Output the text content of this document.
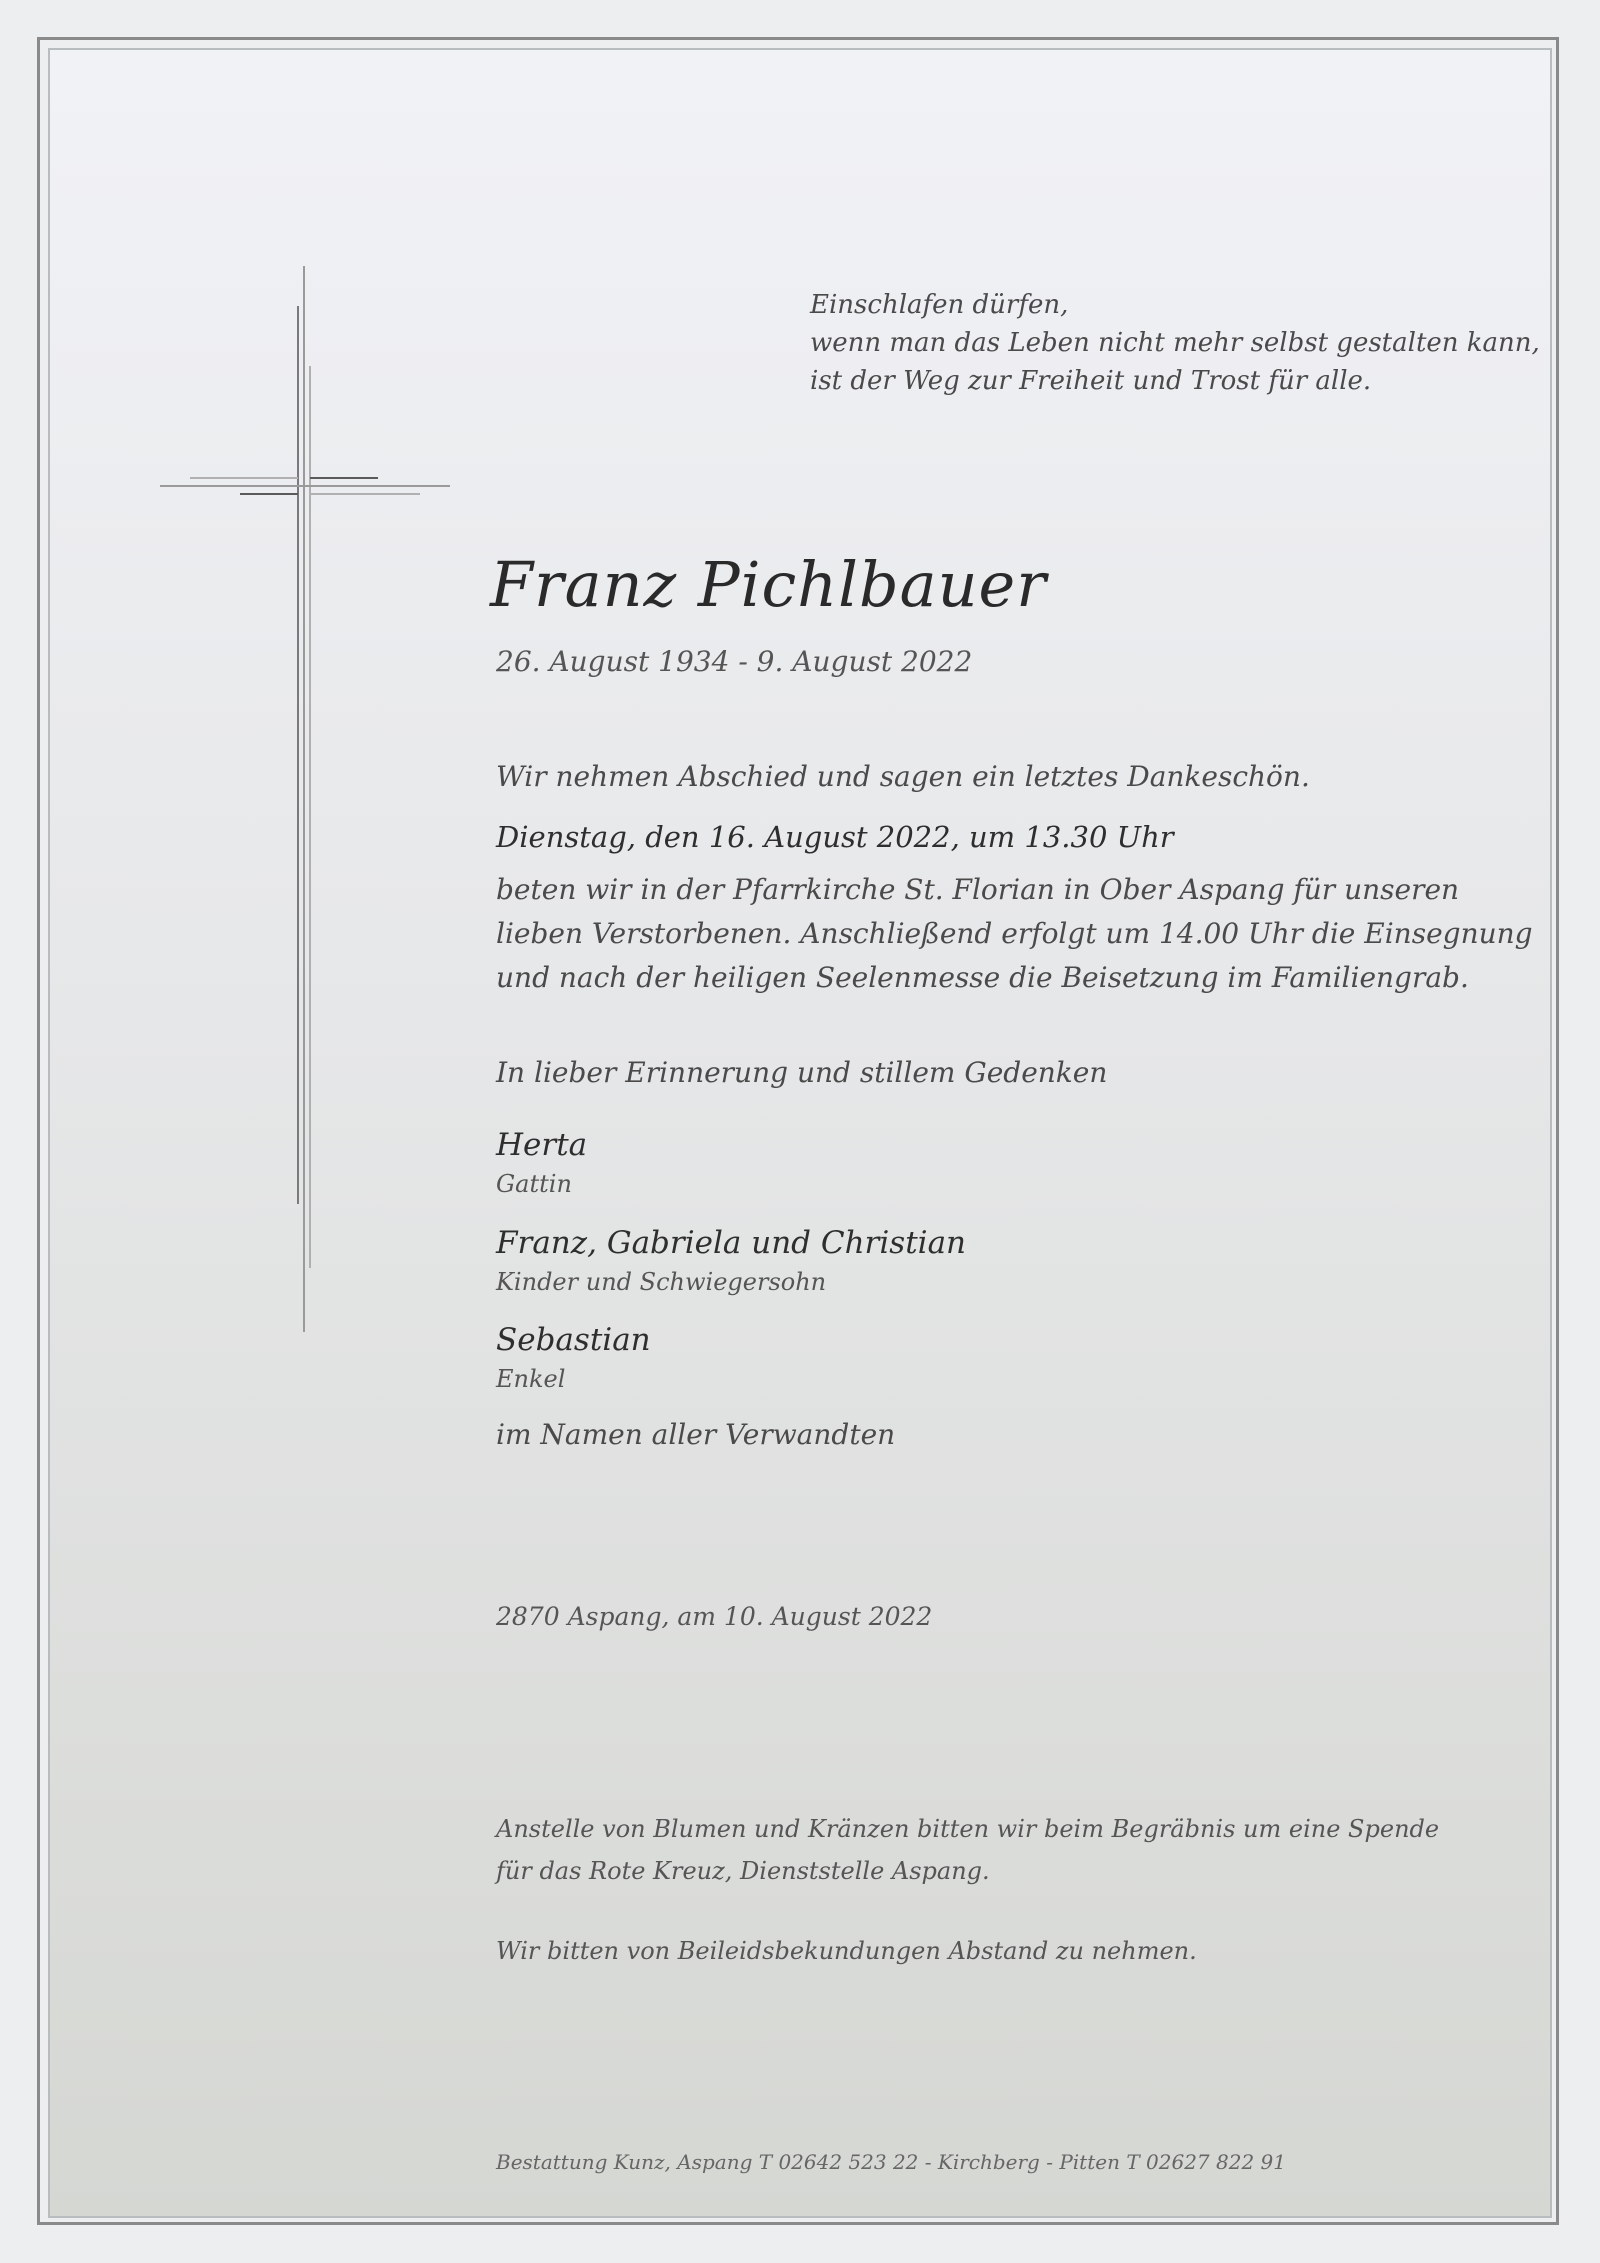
Einschlafen dürfen,
wenn man das Leben nicht mehr selbst gestalten kann,
ist der Weg zur Freiheit und Trost für alle.
Franz Pichlbauer
26. August 1934 - 9. August 2022
Wir nehmen Abschied und sagen ein letztes Dankeschön.
Dienstag, den 16. August 2022, um 13.30 Uhr
beten wir in der Pfarrkirche St. Florian in Ober Aspang für unseren
lieben Verstorbenen. Anschließend erfolgt um 14.00 Uhr die Einsegnung
und nach der heiligen Seelenmesse die Beisetzung im Familiengrab.
In lieber Erinnerung und stillem Gedenken
Herta
Gattin
Franz, Gabriela und Christian
Kinder und Schwiegersohn
Sebastian
Enkel
im Namen aller Verwandten
2870 Aspang, am 10. August 2022
Anstelle von Blumen und Kränzen bitten wir beim Begräbnis um eine Spende
für das Rote Kreuz, Dienststelle Aspang.
Wir bitten von Beileidsbekundungen Abstand zu nehmen.
Bestattung Kunz, Aspang T 02642 523 22 - Kirchberg - Pitten T 02627 822 91
